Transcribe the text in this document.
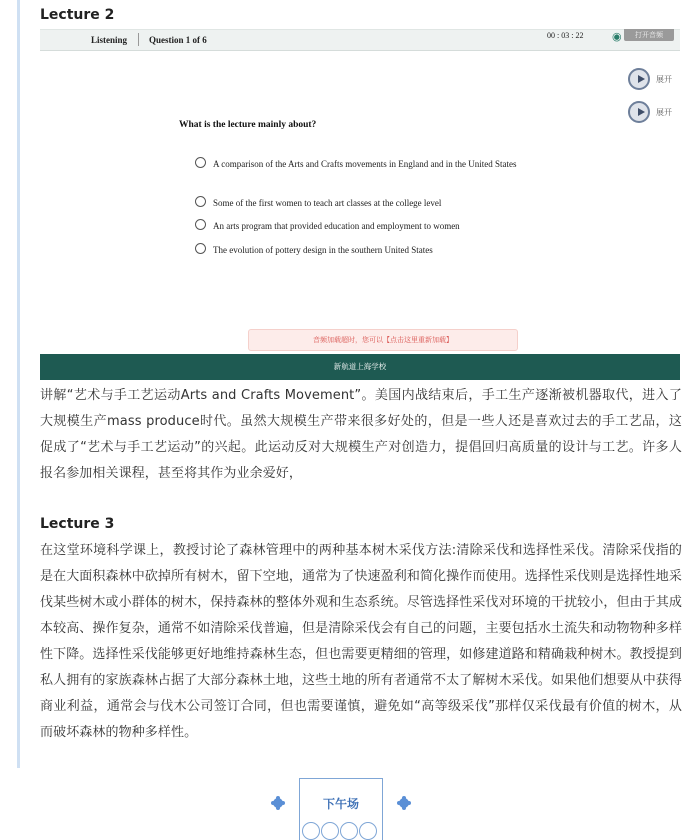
Lecture 2
Listening Question 1 of 6	00 : 03 : 22	◉	打开音频
展开
展开
What is the lecture mainly about?
A comparison of the Arts and Crafts movements in England and in the United States
Some of the first women to teach art classes at the college level
An arts program that provided education and employment to women
The evolution of pottery design in the southern United States
音频加载超时，您可以【点击这里重新加载】
新航道上海学校
讲解“艺术与手工艺运动Arts and Crafts Movement”。美国内战结束后，手工生产逐渐被机器取代，进入了大规模生产mass produce时代。虽然大规模生产带来很多好处的，但是一些人还是喜欢过去的手工艺品，这促成了“艺术与手工艺运动”的兴起。此运动反对大规模生产对创造力，提倡回归高质量的设计与工艺。许多人报名参加相关课程，甚至将其作为业余爱好，
Lecture 3
在这堂环境科学课上，教授讨论了森林管理中的两种基本树木采伐方法:清除采伐和选择性采伐。清除采伐指的是在大面积森林中砍掉所有树木，留下空地，通常为了快速盈利和简化操作而使用。选择性采伐则是选择性地采伐某些树木或小群体的树木，保持森林的整体外观和生态系统。尽管选择性采伐对环境的干扰较小，但由于其成本较高、操作复杂，通常不如清除采伐普遍，但是清除采伐会有自己的问题，主要包括水土流失和动物物种多样性下降。选择性采伐能够更好地维持森林生态，但也需要更精细的管理，如修建道路和精确栽种树木。教授提到私人拥有的家族森林占据了大部分森林土地，这些土地的所有者通常不太了解树木采伐。如果他们想要从中获得商业利益，通常会与伐木公司签订合同，但也需要谨慎，避免如“高等级采伐”那样仅采伐最有价值的树木，从而破坏森林的物种多样性。
下午场
